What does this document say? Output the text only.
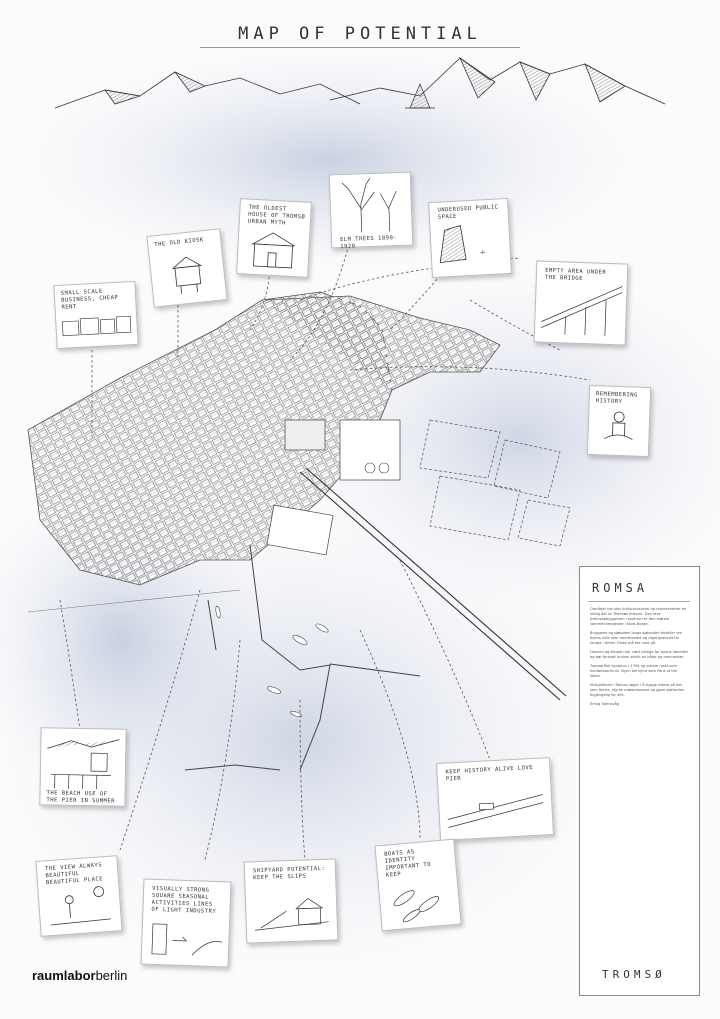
MAP OF POTENTIAL
SMALL SCALE BUSINESS, CHEAP RENT
THE OLD KIOSK
THE OLDEST HOUSE OF TROMSØ URBAN MYTH
ELM TREES 1890-1920
UNDERUSED PUBLIC SPACE
÷
EMPTY AREA UNDER THE BRIDGE
REMEMBERING HISTORY
THE BEACH USE OF THE PIER IN SUMMER
KEEP HISTORY ALIVE LOVE PIER
THE VIEW ALWAYS BEAUTIFUL BEAUTIFUL PLACE
VISUALLY STRONG SQUARE SEASONAL ACTIVITIES LINES OF LIGHT INDUSTRY
SHIPYARD POTENTIAL: KEEP THE SLIPS
BOATS AS IDENTITY IMPORTANT TO KEEP
ROMSA

Området har stor kulturarvsverdi og representerer en viktig del av Tromsøs historie. Den lave trehusbebyggelsen i sentrum er den største sammenhengende i Nord-Norge.

Bryggene og sjøboden langs sjøkanten forteller om byens rolle som handelssted og utgangspunkt for fangst i Arktis. Disse må tas vare på.

Havnen og slippen har vært viktige for byens identitet og bør fortsatt brukes aktivt av båter og mennesker.

Tromsø fikk bystatus i 1794 og vokste raskt som handelssentrum. Byen ble kjent som Paris of the North.

Mulighetene i Romsa ligger i å bygge videre på det som finnes, styrke møteplassene og gjøre sjøfronten tilgjengelig for alle.

Erling Steinsvåg

TROMSØ
raumlaborberlin
